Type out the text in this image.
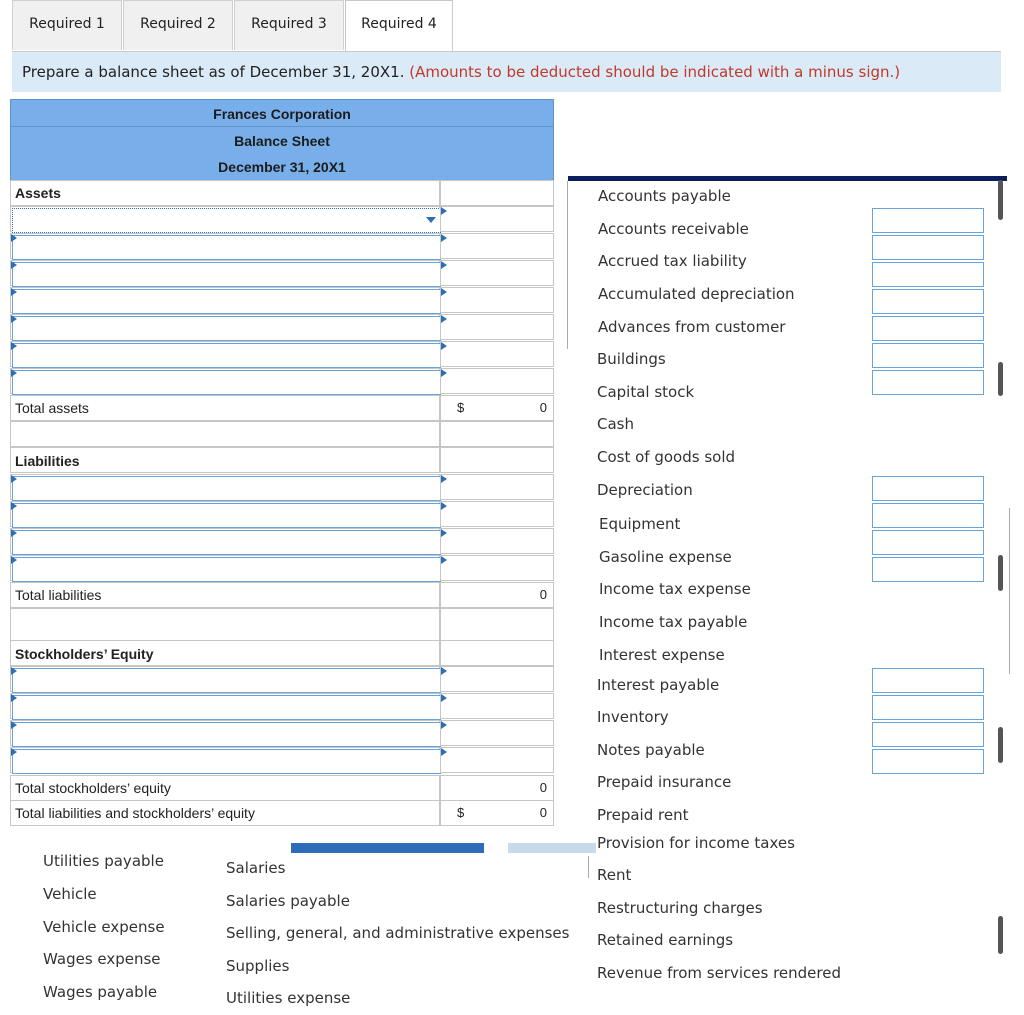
Required 1	Required 2	Required 3	Required 4
Prepare a balance sheet as of December 31, 20X1. (Amounts to be deducted should be indicated with a minus sign.)
Frances Corporation
Balance Sheet
December 31, 20X1
Assets
Total assets	$	0
Liabilities
Total liabilities	0
Stockholders’ Equity
Total stockholders’ equity	0
Total liabilities and stockholders’ equity	$	0
Accounts payable
Accounts receivable
Accrued tax liability
Accumulated depreciation
Advances from customer
Buildings
Capital stock
Cash
Cost of goods sold
Depreciation
Equipment
Gasoline expense
Income tax expense
Income tax payable
Interest expense
Interest payable
Inventory
Notes payable
Prepaid insurance
Prepaid rent
Provision for income taxes
Rent
Restructuring charges
Retained earnings
Revenue from services rendered
Salaries
Salaries payable
Selling, general, and administrative expenses
Supplies
Utilities expense
Utilities payable
Vehicle
Vehicle expense
Wages expense
Wages payable
